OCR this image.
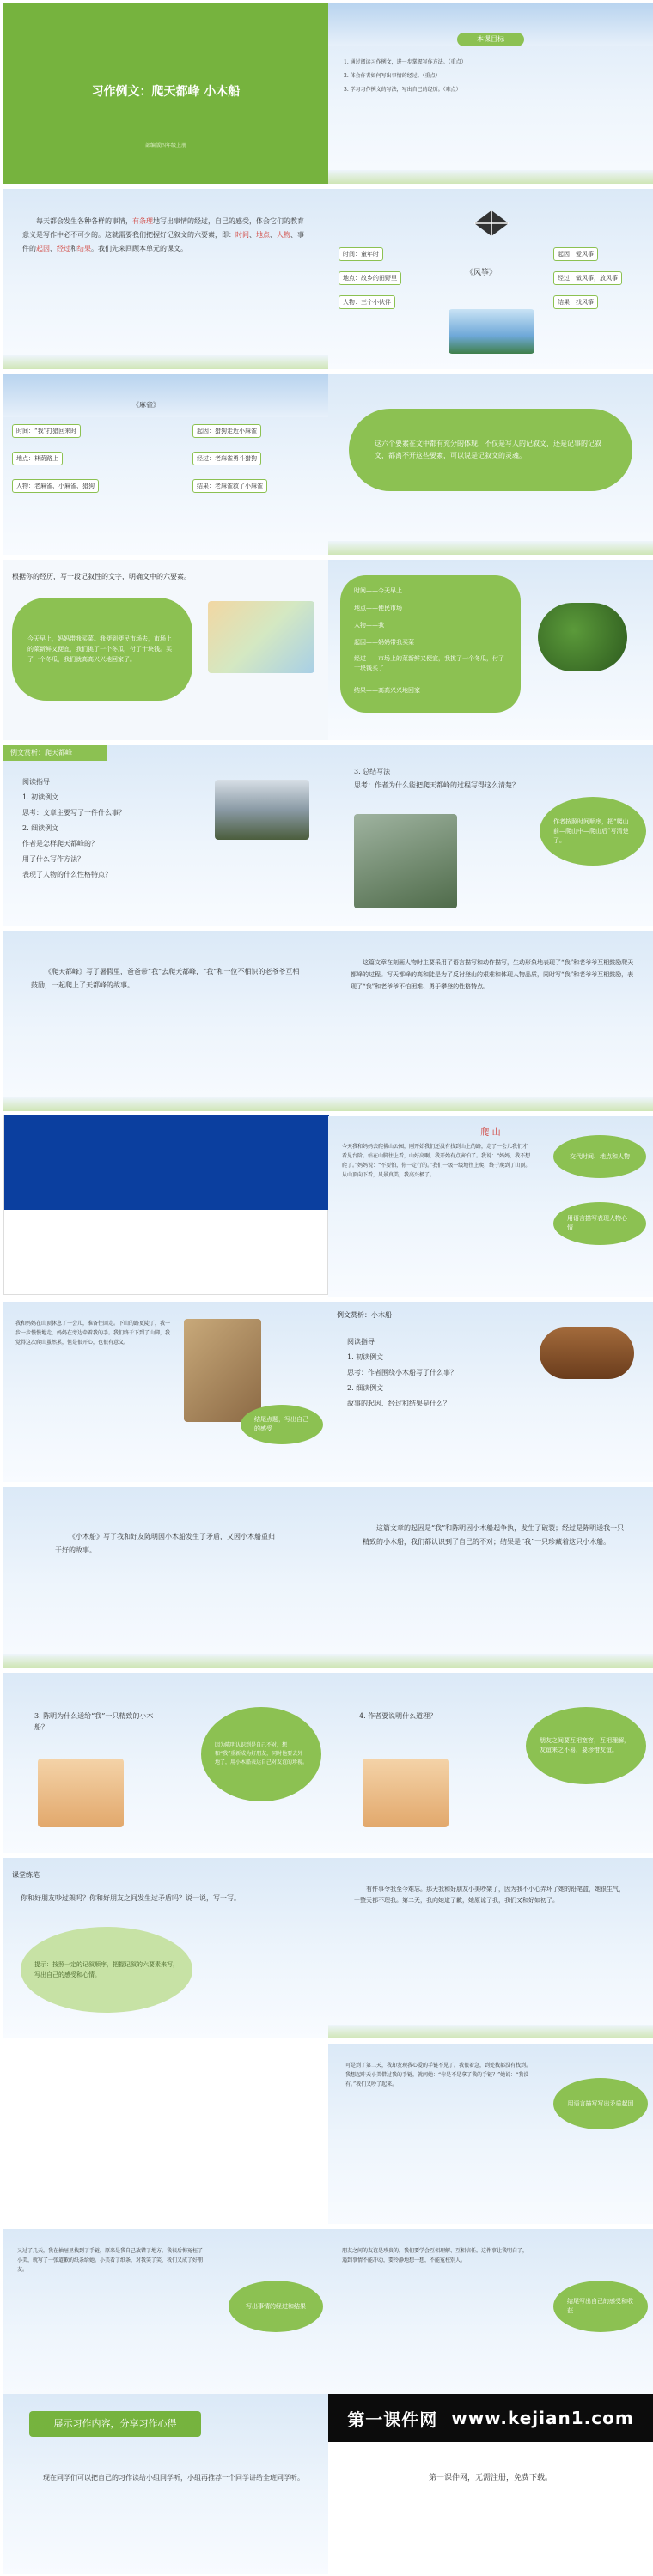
习作例文：爬天都峰 小木船
部编版四年级上册
本课目标
1. 通过阅读习作例文，进一步掌握写作方法。（重点）
2. 体会作者如何写出事情的经过。（重点）
3. 学习习作例文的写法，写出自己的经历。（难点）
每天都会发生各种各样的事情，有条理地写出事情的经过，自己的感受，体会它们的教育意义是写作中必不可少的。这就需要我们把握好记叙文的六要素，即：时间、地点、人物、事件的起因、经过和结果。我们先来回顾本单元的课文。
时间：童年时
地点：故乡的田野里
人物：三个小伙伴
起因：爱风筝
经过：做风筝，放风筝
结果：找风筝
《风筝》
《麻雀》
时间：“我”打猎回来时
地点：林荫路上
人物：老麻雀、小麻雀、猎狗
起因：猎狗走近小麻雀
经过：老麻雀勇斗猎狗
结果：老麻雀救了小麻雀
这六个要素在文中都有充分的体现，不仅是写人的记叙文，还是记事的记叙文，都离不开这些要素，可以说是记叙文的灵魂。
根据你的经历，写一段记叙性的文字，明确文中的六要素。
今天早上，妈妈带我买菜。我便到便民市场去，市场上的菜新鲜又便宜，我们挑了一个冬瓜，付了十块钱。买了一个冬瓜，我们就高高兴兴地回家了。
时间——今天早上
地点——便民市场
人物——我
起因——妈妈带我买菜
经过——市场上的菜新鲜又便宜，我挑了一个冬瓜，付了十块钱买了
结果——高高兴兴地回家
例文赏析：爬天都峰
阅读指导
1. 初读例文
思考：文章主要写了一件什么事？
2. 细读例文
作者是怎样爬天都峰的？
用了什么写作方法？
表现了人物的什么性格特点？
3. 总结写法
思考：作者为什么能把爬天都峰的过程写得这么清楚？
作者按照时间顺序，把“爬山前—爬山中—爬山后”写清楚了。
《爬天都峰》写了暑假里，爸爸带“我”去爬天都峰，“我”和一位不相识的老爷爷互相鼓励，一起爬上了天都峰的故事。
这篇文章在刻画人物时主要采用了语言描写和动作描写，生动形象地表现了“我”和老爷爷互相鼓励爬天都峰的过程。写天都峰的高和陡是为了反衬登山的艰难和体现人物品质，同时写“我”和老爷爷互相鼓励，表现了“我”和老爷爷不怕困难、勇于攀登的性格特点。

爬 山
今天我和妈妈去爬佛山公园，刚开始我们还没有找到山上的路，走了一会儿我们才看见台阶。站在山脚往上看，山好高啊，我开始有点害怕了。我说：“妈妈，我不想爬了。”妈妈说：“不要怕，你一定行的。”我们一级一级地往上爬，终于爬到了山顶。从山顶向下看，风景真美，我高兴极了。
交代时间、地点和人物
用语言描写表现人物心情
我和妈妈在山顶休息了一会儿，准备往回走。下山的路更陡了，我一步一步慢慢地走，妈妈在旁边牵着我的手。我们终于下到了山脚，我觉得这次爬山虽然累，但是很开心，也很有意义。
结尾点题，写出自己的感受
例文赏析：小木船
阅读指导
1. 初读例文
思考：作者围绕小木船写了什么事？
2. 细读例文
故事的起因、经过和结果是什么？
《小木船》写了我和好友陈明因小木船发生了矛盾，又因小木船重归于好的故事。
这篇文章的起因是“我”和陈明因小木船起争执，发生了破裂；经过是陈明送我一只精致的小木船，我们都认识到了自己的不对；结果是“我”一只珍藏着这只小木船。
3. 陈明为什么送给“我”一只精致的小木船？
因为陈明认识到是自己不对，想和“我”重新成为好朋友，同时他要去外地了，用小木船表达自己对友谊的珍视。
4. 作者要说明什么道理？
朋友之间要互相宽容，互相理解，友谊来之不易，要珍惜友谊。
课堂练笔
你和好朋友吵过架吗？你和好朋友之间发生过矛盾吗？说一说，写一写。
提示：按照一定的记叙顺序，把握记叙的六要素来写，写出自己的感受和心情。
有件事令我至今难忘。那天我和好朋友小美吵架了，因为我不小心弄坏了她的铅笔盒，她很生气，一整天都不理我。第二天，我向她道了歉，她原谅了我，我们又和好如初了。
可是到了第二天，我却发现我心爱的手链不见了。我很着急，到处找都没有找到。我想起昨天小美借过我的手链，就问她：“你是不是拿了我的手链？”她说：“我没有。”我们又吵了起来。
用语言描写写出矛盾起因
又过了几天，我在抽屉里找到了手链，原来是我自己放错了地方。我很后悔冤枉了小美，就写了一张道歉的纸条给她。小美看了纸条，对我笑了笑，我们又成了好朋友。
写出事情的经过和结果
朋友之间的友谊是珍贵的，我们要学会互相理解、互相信任。这件事让我明白了，遇到事情不能冲动，要冷静地想一想，不能冤枉别人。
结尾写出自己的感受和收获
展示习作内容，分享习作心得
现在同学们可以把自己的习作读给小组同学听，小组再推荐一个同学讲给全班同学听。
第一课件网
www.kejian1.com
第一课件网，无需注册，免费下载。
